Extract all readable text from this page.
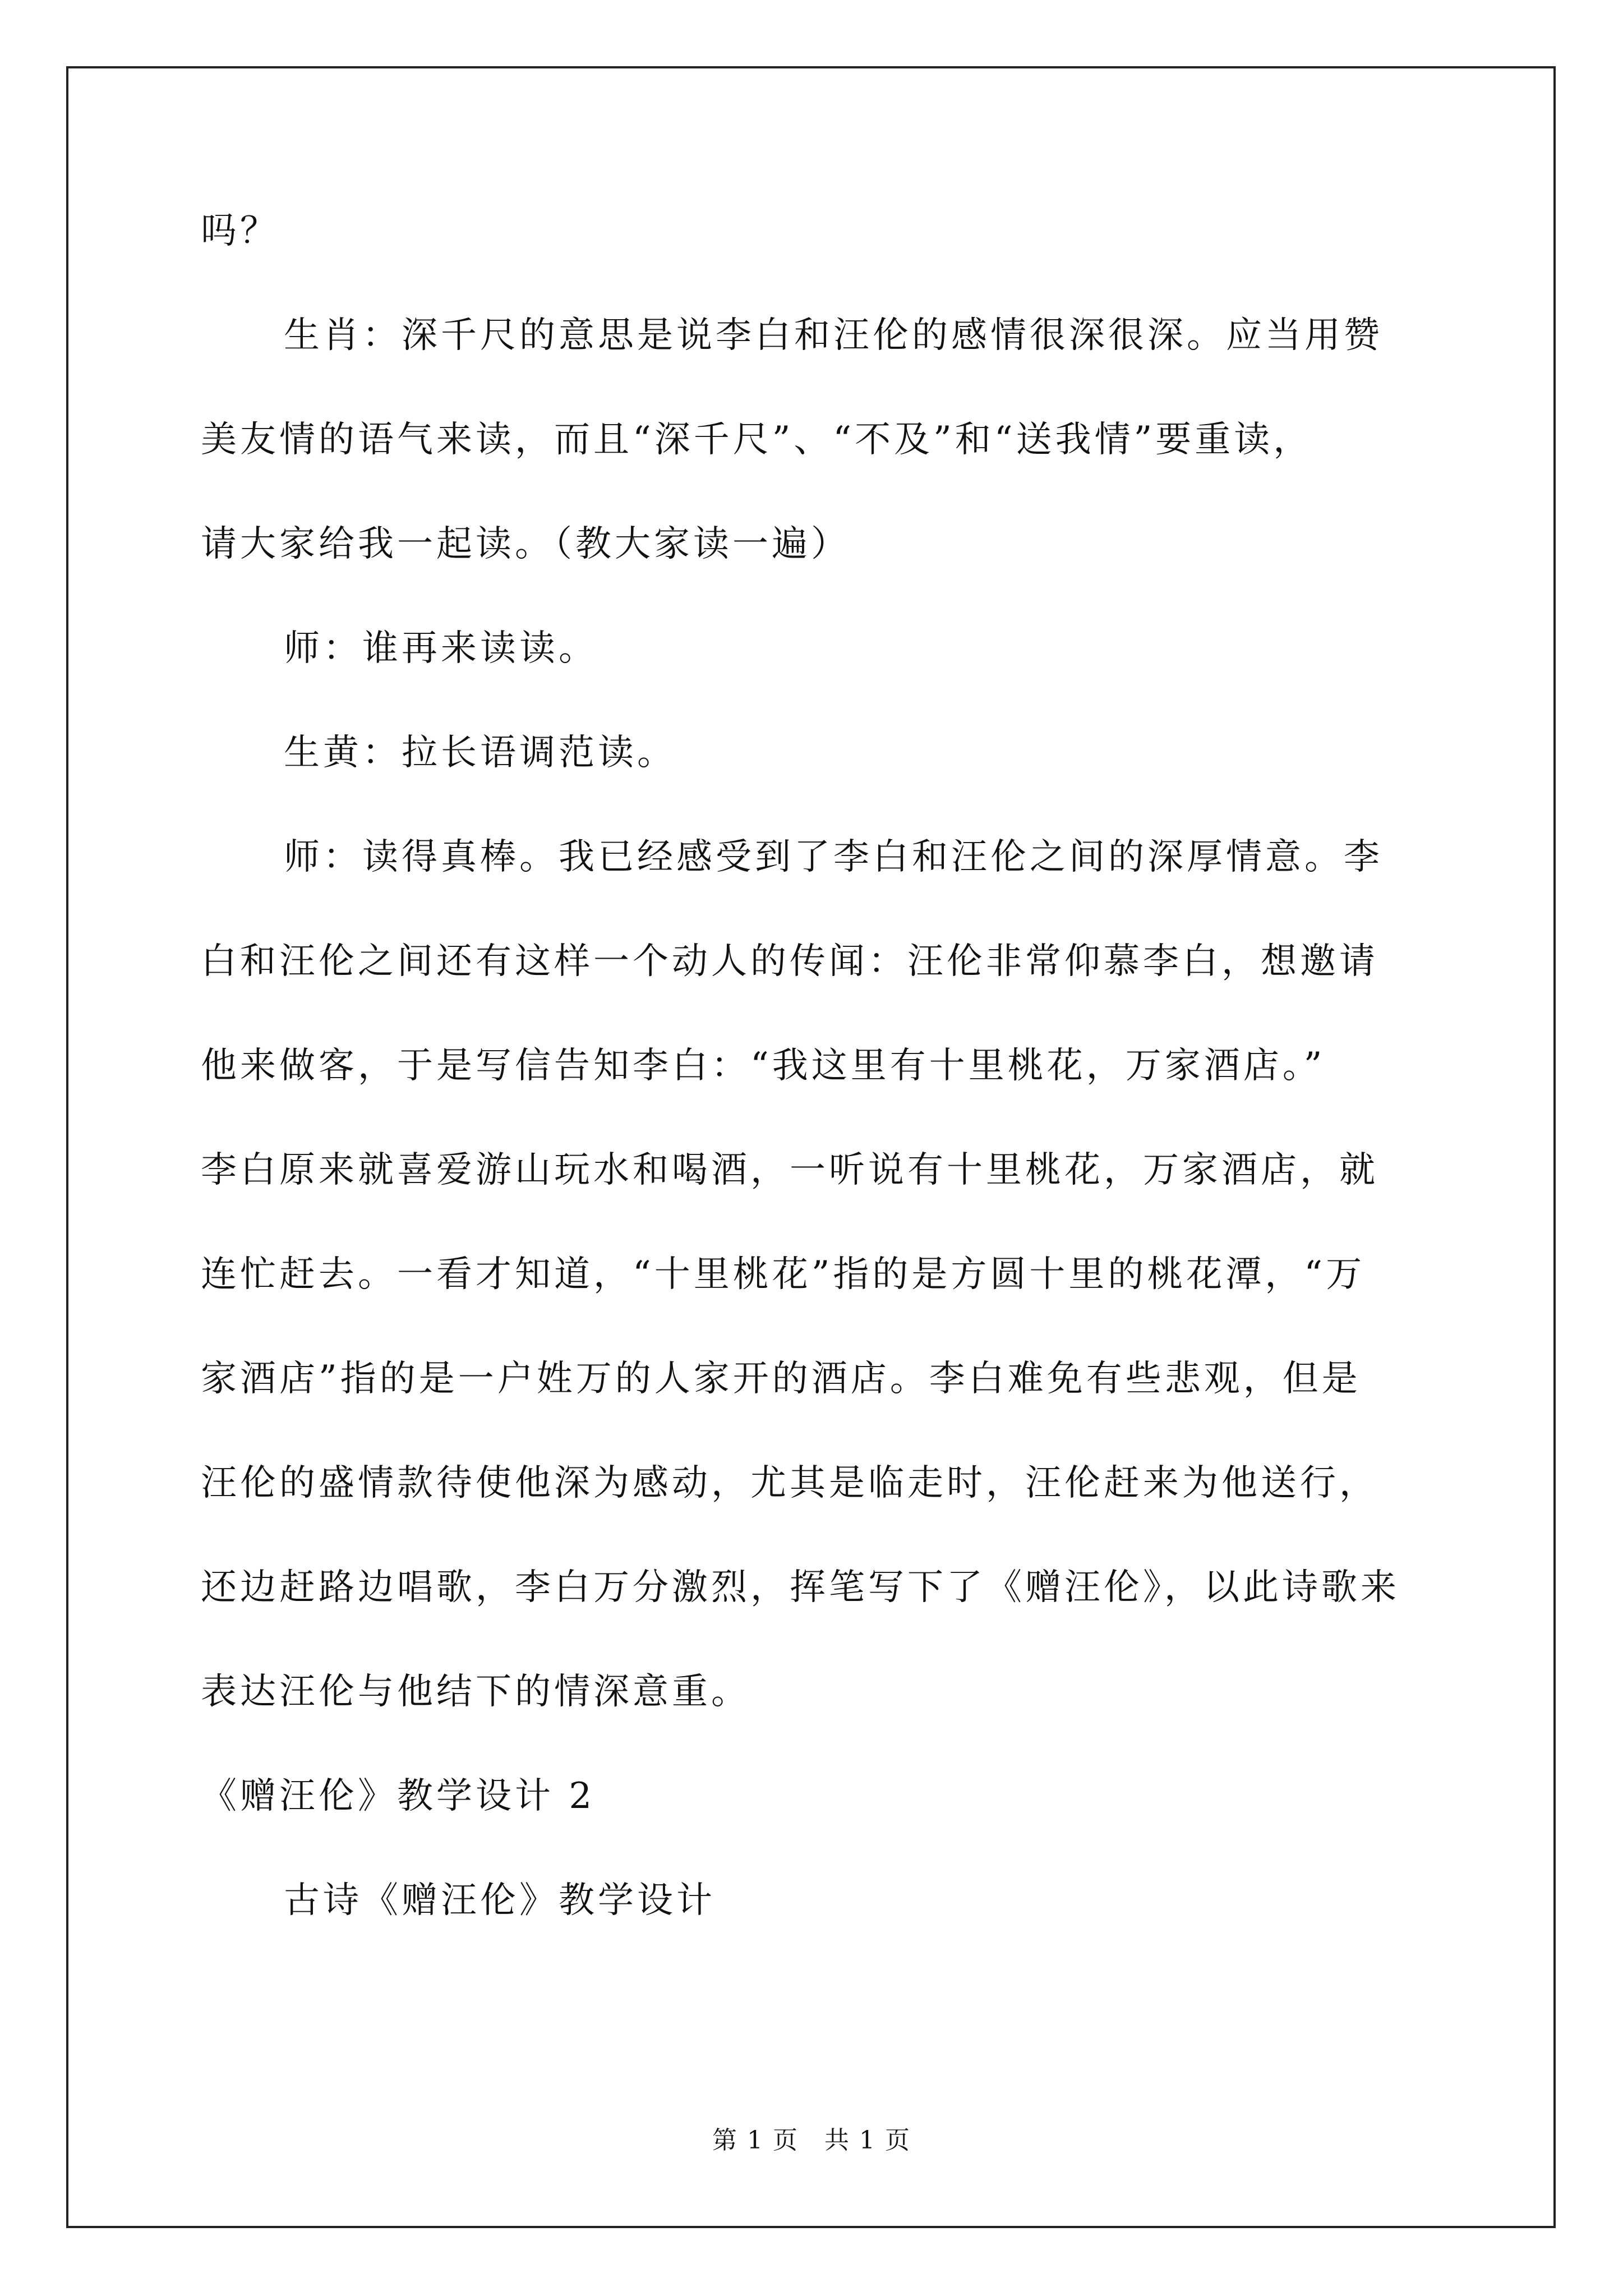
吗？
生肖：深千尺的意思是说李白和汪伦的感情很深很深。应当用赞
美友情的语气来读，而且“深千尺”、“不及”和“送我情”要重读，
请大家给我一起读。（教大家读一遍）
师：谁再来读读。
生黄：拉长语调范读。
师：读得真棒。我已经感受到了李白和汪伦之间的深厚情意。李
白和汪伦之间还有这样一个动人的传闻：汪伦非常仰慕李白，想邀请
他来做客，于是写信告知李白：“我这里有十里桃花，万家酒店。”
李白原来就喜爱游山玩水和喝酒，一听说有十里桃花，万家酒店，就
连忙赶去。一看才知道，“十里桃花”指的是方圆十里的桃花潭，“万
家酒店”指的是一户姓万的人家开的酒店。李白难免有些悲观，但是
汪伦的盛情款待使他深为感动，尤其是临走时，汪伦赶来为他送行，
还边赶路边唱歌，李白万分激烈，挥笔写下了《赠汪伦》，以此诗歌来
表达汪伦与他结下的情深意重。
《赠汪伦》教学设计 2
古诗《赠汪伦》教学设计
第 1 页　共 1 页
